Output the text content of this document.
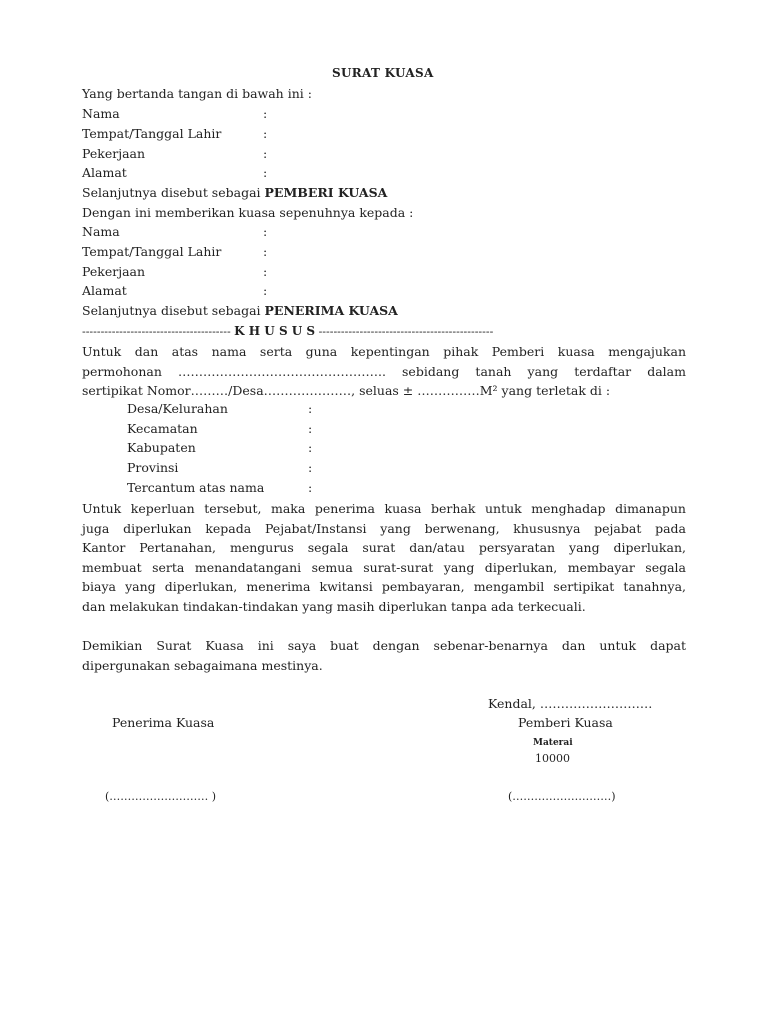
SURAT KUASA
Yang bertanda tangan di bawah ini :
Nama	:
Tempat/Tanggal Lahir	:
Pekerjaan	:
Alamat	:
Selanjutnya disebut sebagai PEMBERI KUASA
Dengan ini memberikan kuasa sepenuhnya kepada :
Nama	:
Tempat/Tanggal Lahir	:
Pekerjaan	:
Alamat	:
Selanjutnya disebut sebagai PENERIMA KUASA
---------------------------------------- K H U S U S -----------------------------------------------
Untuk dan atas nama serta guna kepentingan pihak Pemberi kuasa mengajukan
permohonan ………………………………………….. sebidang tanah yang terdaftar dalam
sertipikat Nomor………/Desa…………………, seluas ± ……………M² yang terletak di :
Desa/Kelurahan	:
Kecamatan	:
Kabupaten	:
Provinsi	:
Tercantum atas nama	:
Untuk keperluan tersebut, maka penerima kuasa berhak untuk menghadap dimanapun
juga diperlukan kepada Pejabat/Instansi yang berwenang, khususnya pejabat pada
Kantor Pertanahan, mengurus segala surat dan/atau persyaratan yang diperlukan,
membuat serta menandatangani semua surat-surat yang diperlukan, membayar segala
biaya yang diperlukan, menerima kwitansi pembayaran, mengambil sertipikat tanahnya,
dan melakukan tindakan-tindakan yang masih diperlukan tanpa ada terkecuali.
Demikian Surat Kuasa ini saya buat dengan sebenar-benarnya dan untuk dapat
dipergunakan sebagaimana mestinya.
Kendal, ………………………
Penerima Kuasa	Pemberi Kuasa
Materai
10000
(……………………… )	(………………………)
